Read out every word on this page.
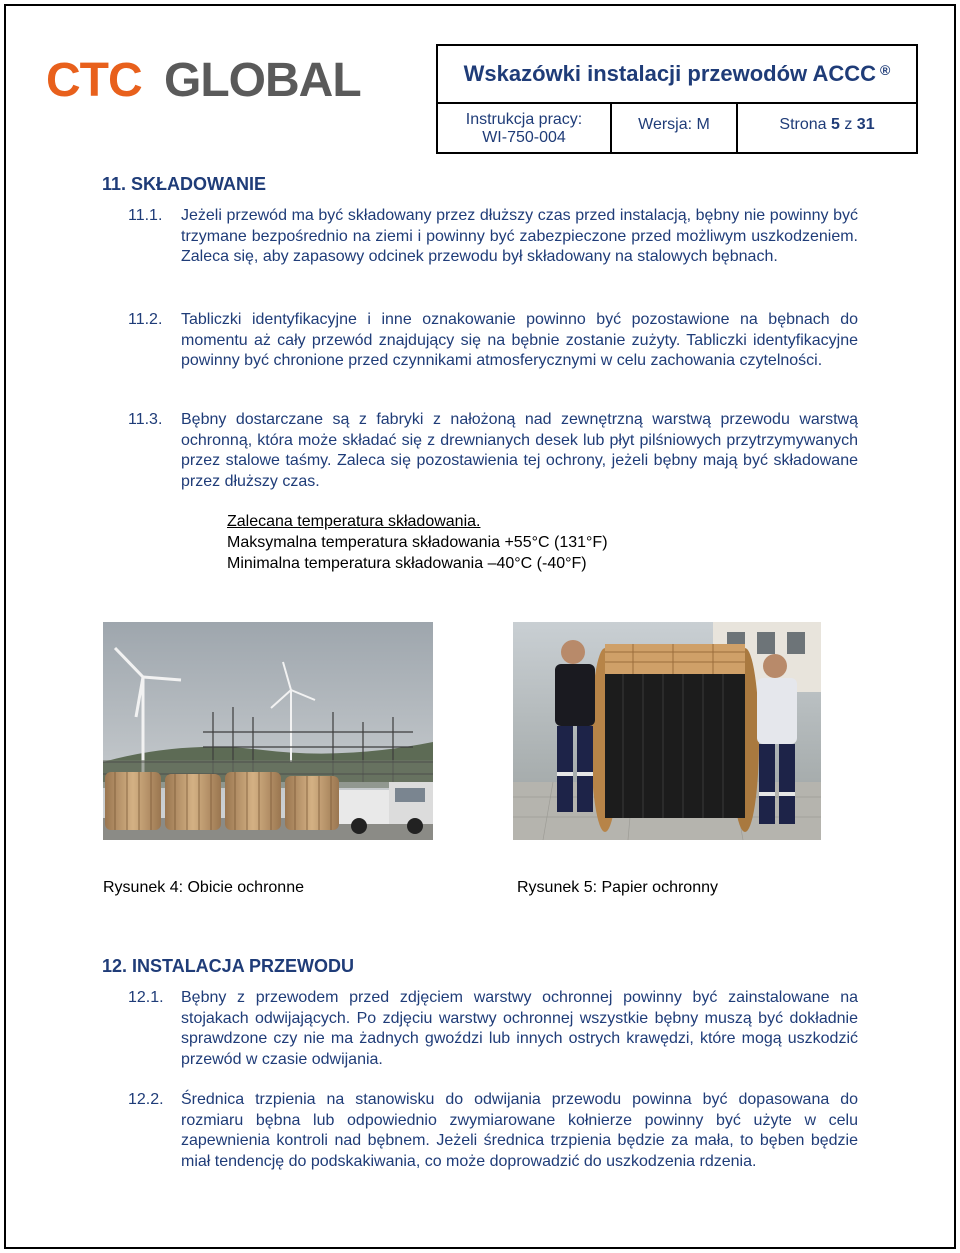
CTC GLOBAL	Wskazówki instalacji przewodów ACCC ®
Instrukcja pracy:
WI-750-004
Wersja: M	Strona 5 z 31
11. SKŁADOWANIE
11.1. Jeżeli przewód ma być składowany przez dłuższy czas przed instalacją, bębny nie powinny być trzymane bezpośrednio na ziemi i powinny być zabezpieczone przed możliwym uszkodzeniem. Zaleca się, aby zapasowy odcinek przewodu był składowany na stalowych bębnach.
11.2. Tabliczki identyfikacyjne i inne oznakowanie powinno być pozostawione na bębnach do momentu aż cały przewód znajdujący się na bębnie zostanie zużyty. Tabliczki identyfikacyjne powinny być chronione przed czynnikami atmosferycznymi w celu zachowania czytelności.
11.3. Bębny dostarczane są z fabryki z nałożoną nad zewnętrzną warstwą przewodu warstwą ochronną, która może składać się z drewnianych desek lub płyt pilśniowych przytrzymywanych przez stalowe taśmy. Zaleca się pozostawienia tej ochrony, jeżeli bębny mają być składowane przez dłuższy czas.
Zalecana temperatura składowania.
Maksymalna temperatura składowania +55°C (131°F)
Minimalna temperatura składowania –40°C (-40°F)
Rysunek 4: Obicie ochronne	Rysunek 5: Papier ochronny
12. INSTALACJA PRZEWODU
12.1. Bębny z przewodem przed zdjęciem warstwy ochronnej powinny być zainstalowane na stojakach odwijających. Po zdjęciu warstwy ochronnej wszystkie bębny muszą być dokładnie sprawdzone czy nie ma żadnych gwoździ lub innych ostrych krawędzi, które mogą uszkodzić przewód w czasie odwijania.
12.2. Średnica trzpienia na stanowisku do odwijania przewodu powinna być dopasowana do rozmiaru bębna lub odpowiednio zwymiarowane kołnierze powinny być użyte w celu zapewnienia kontroli nad bębnem. Jeżeli średnica trzpienia będzie za mała, to bęben będzie miał tendencję do podskakiwania, co może doprowadzić do uszkodzenia rdzenia.
